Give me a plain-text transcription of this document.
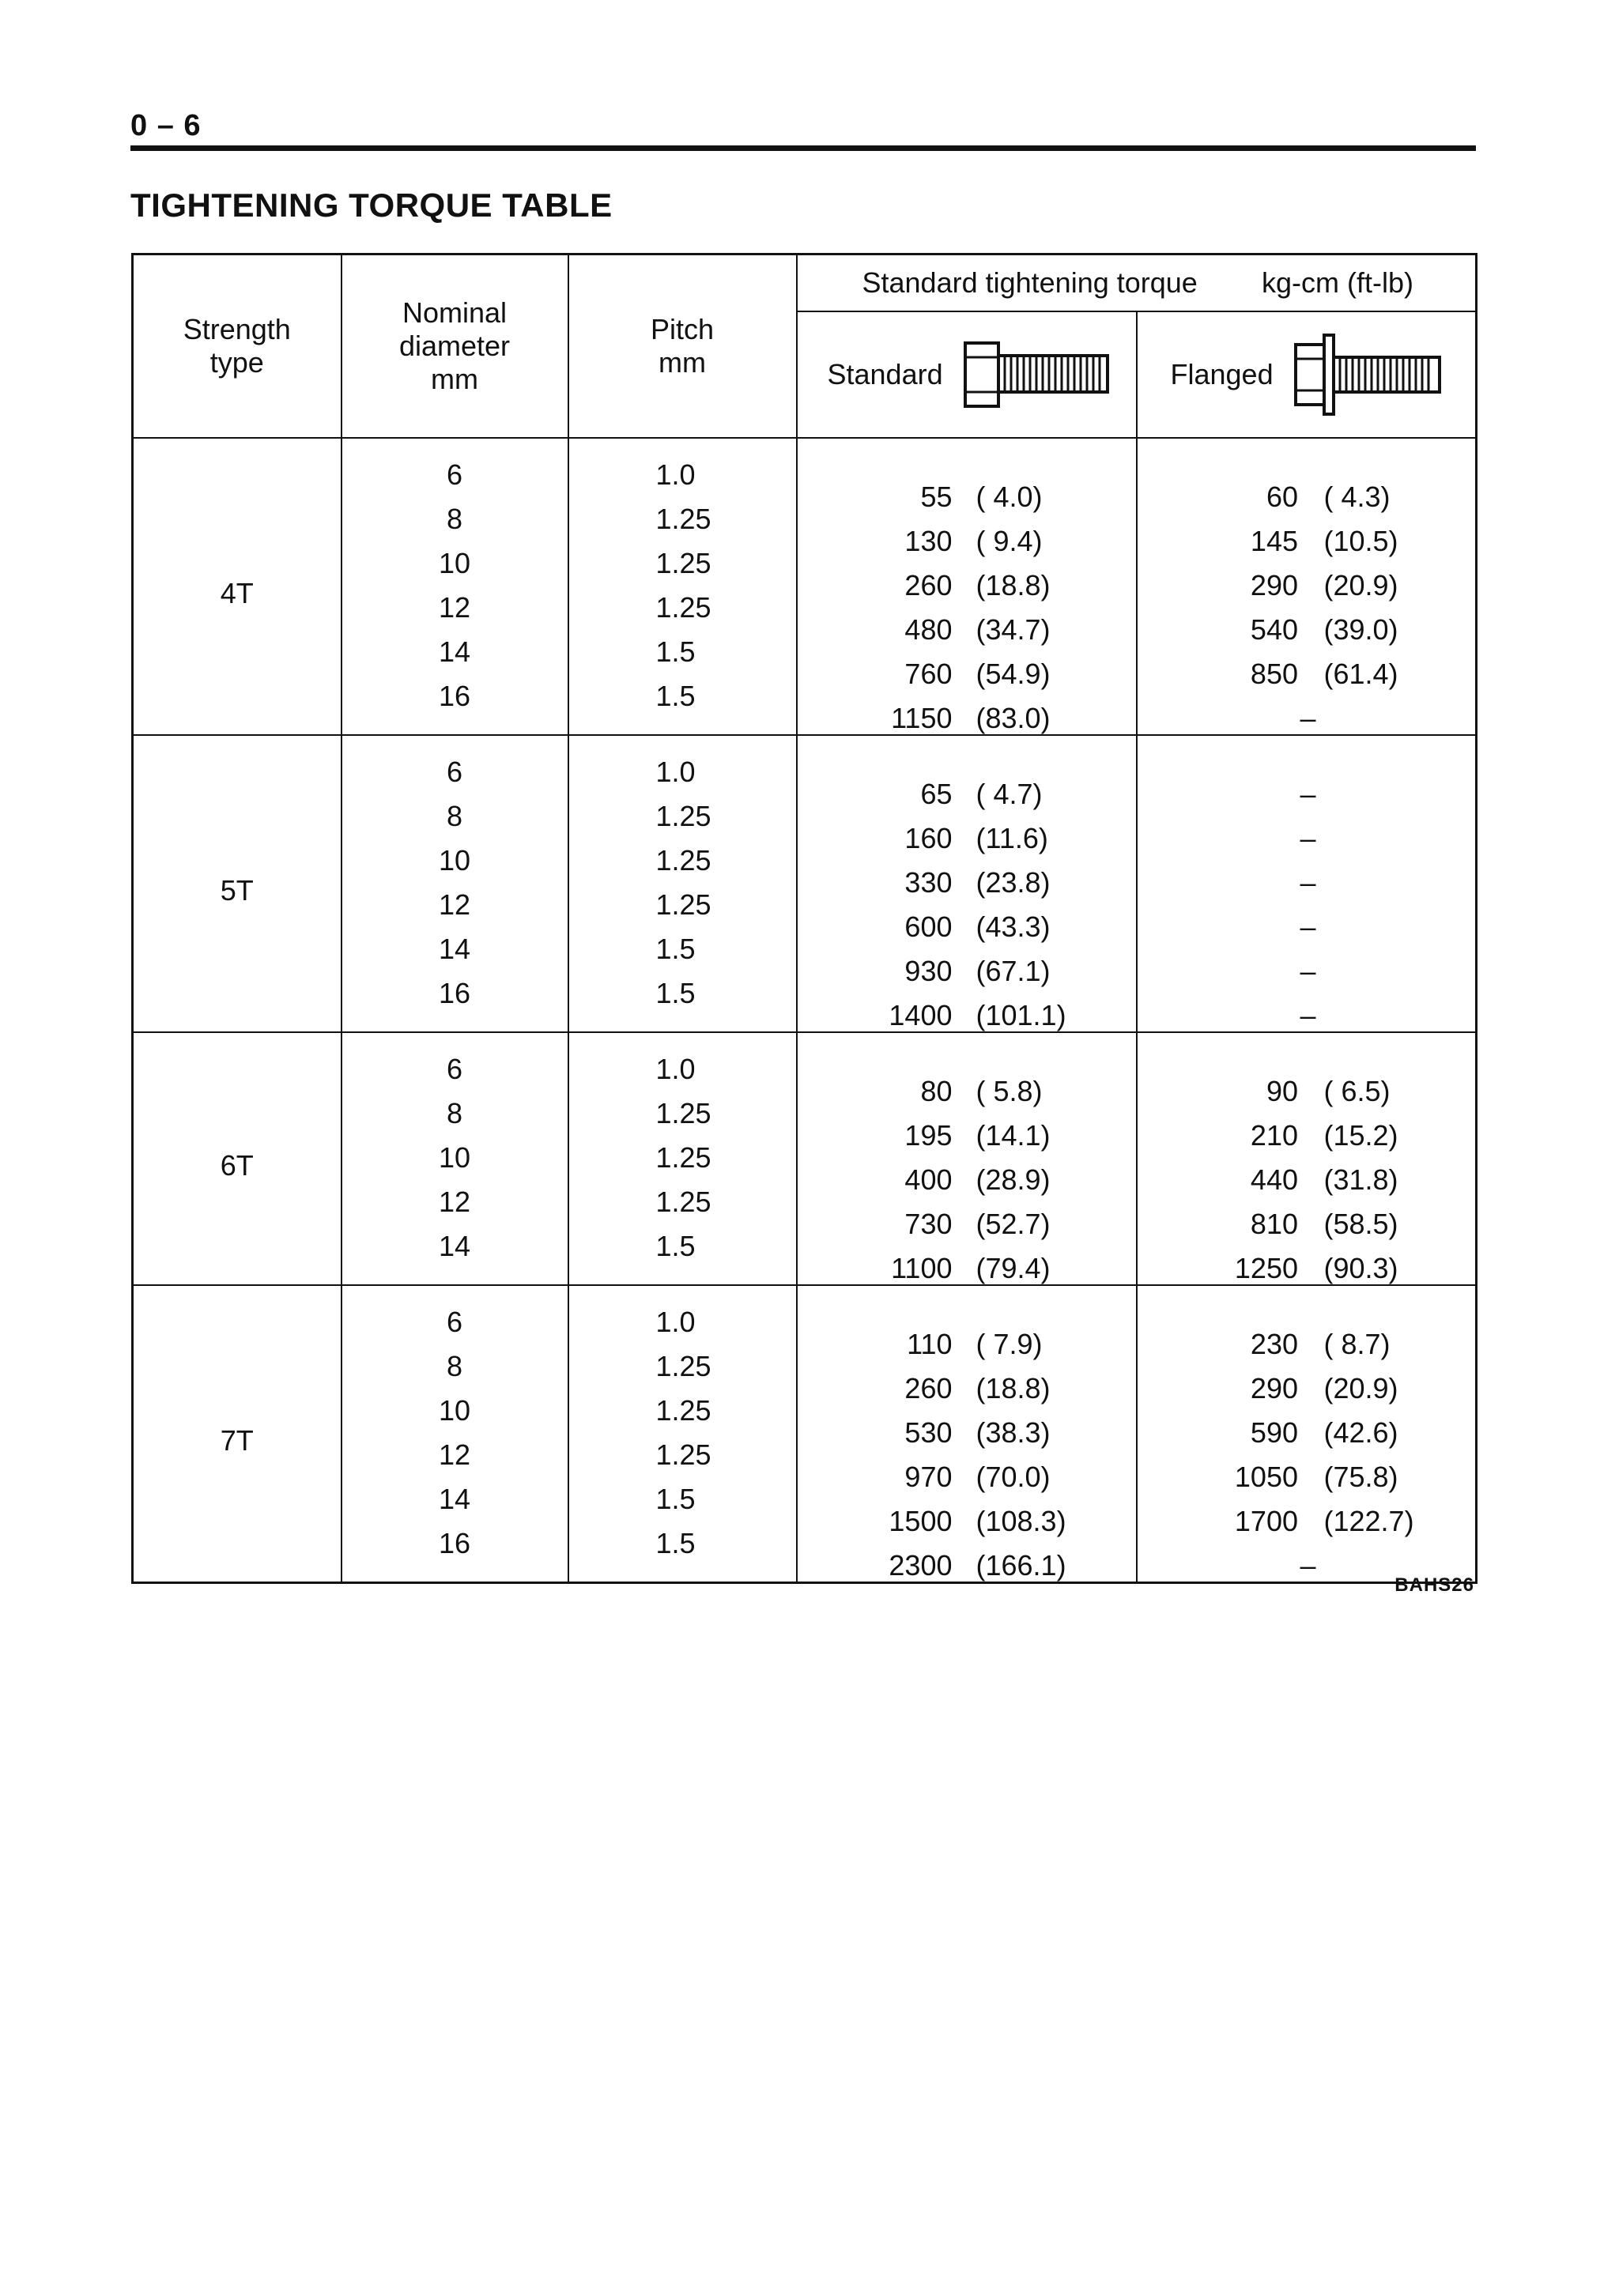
0 – 6
TIGHTENING TORQUE TABLE
Strength
type	Nominal
diameter
mm	Pitch
mm	Standard tightening torque kg-cm (ft-lb)	

			Standard	Flanged

4T	6	1.0	55 ( 4.0)	60 ( 4.3)

	8	1.25	130 ( 9.4)	145 (10.5)

	10	1.25	260 (18.8)	290 (20.9)

	12	1.25	480 (34.7)	540 (39.0)

	14	1.5	760 (54.9)	850 (61.4)

	16	1.5	1150 (83.0)	–

5T	6	1.0	65 ( 4.7)	–

	8	1.25	160 (11.6)	–

	10	1.25	330 (23.8)	–

	12	1.25	600 (43.3)	–

	14	1.5	930 (67.1)	–

	16	1.5	1400 (101.1)	–

6T	6	1.0	80 ( 5.8)	90 ( 6.5)

	8	1.25	195 (14.1)	210 (15.2)

	10	1.25	400 (28.9)	440 (31.8)

	12	1.25	730 (52.7)	810 (58.5)

	14	1.5	1100 (79.4)	1250 (90.3)

7T	6	1.0	110 ( 7.9)	230 ( 8.7)

	8	1.25	260 (18.8)	290 (20.9)

	10	1.25	530 (38.3)	590 (42.6)

	12	1.25	970 (70.0)	1050 (75.8)

	14	1.5	1500 (108.3)	1700 (122.7)

	16	1.5	2300 (166.1)	–
BAHS26
